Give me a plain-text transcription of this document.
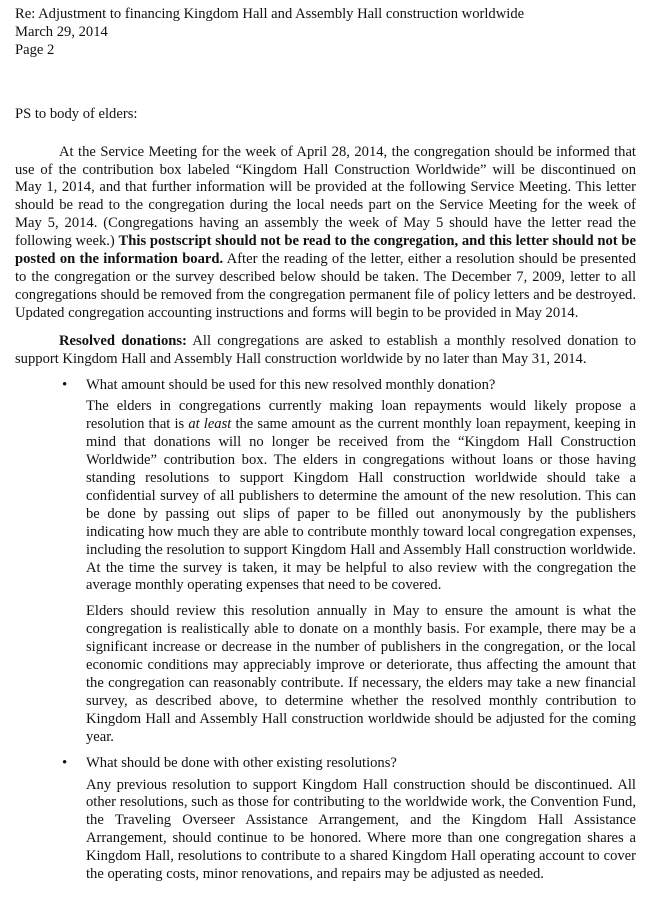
Re: Adjustment to financing Kingdom Hall and Assembly Hall construction worldwide
March 29, 2014
Page 2
PS to body of elders:

At the Service Meeting for the week of April 28, 2014, the congregation should be informed that use of the contribution box labeled “Kingdom Hall Construction Worldwide” will be discontinued on May 1, 2014, and that further information will be provided at the following Service Meeting. This letter should be read to the congregation during the local needs part on the Service Meeting for the week of May 5, 2014. (Congregations having an assembly the week of May 5 should have the letter read the following week.) This postscript should not be read to the congregation, and this letter should not be posted on the information board. After the reading of the letter, either a resolution should be presented to the congregation or the survey described below should be taken. The December 7, 2009, letter to all congregations should be removed from the congregation permanent file of policy letters and be destroyed. Updated congregation accounting instructions and forms will begin to be provided in May 2014.

Resolved donations: All congregations are asked to establish a monthly resolved donation to support Kingdom Hall and Assembly Hall construction worldwide by no later than May 31, 2014.

• What amount should be used for this new resolved monthly donation?

The elders in congregations currently making loan repayments would likely propose a resolution that is at least the same amount as the current monthly loan repayment, keeping in mind that donations will no longer be received from the “Kingdom Hall Construction Worldwide” contribution box. The elders in congregations without loans or those having standing resolutions to support Kingdom Hall construction worldwide should take a confidential survey of all publishers to determine the amount of the new resolution. This can be done by passing out slips of paper to be filled out anonymously by the publishers indicating how much they are able to contribute monthly toward local congregation expenses, including the resolution to support Kingdom Hall and Assembly Hall construction worldwide. At the time the survey is taken, it may be helpful to also review with the congregation the average monthly operating expenses that need to be covered.

Elders should review this resolution annually in May to ensure the amount is what the congregation is realistically able to donate on a monthly basis. For example, there may be a significant increase or decrease in the number of publishers in the congregation, or the local economic conditions may appreciably improve or deteriorate, thus affecting the amount that the congregation can reasonably contribute. If necessary, the elders may take a new financial survey, as described above, to determine whether the resolved monthly contribution to Kingdom Hall and Assembly Hall construction worldwide should be adjusted for the coming year.

• What should be done with other existing resolutions?

Any previous resolution to support Kingdom Hall construction should be discontinued. All other resolutions, such as those for contributing to the worldwide work, the Convention Fund, the Traveling Overseer Assistance Arrangement, and the Kingdom Hall Assistance Arrangement, should continue to be honored. Where more than one congregation shares a Kingdom Hall, resolutions to contribute to a shared Kingdom Hall operating account to cover the operating costs, minor renovations, and repairs may be adjusted as needed.
